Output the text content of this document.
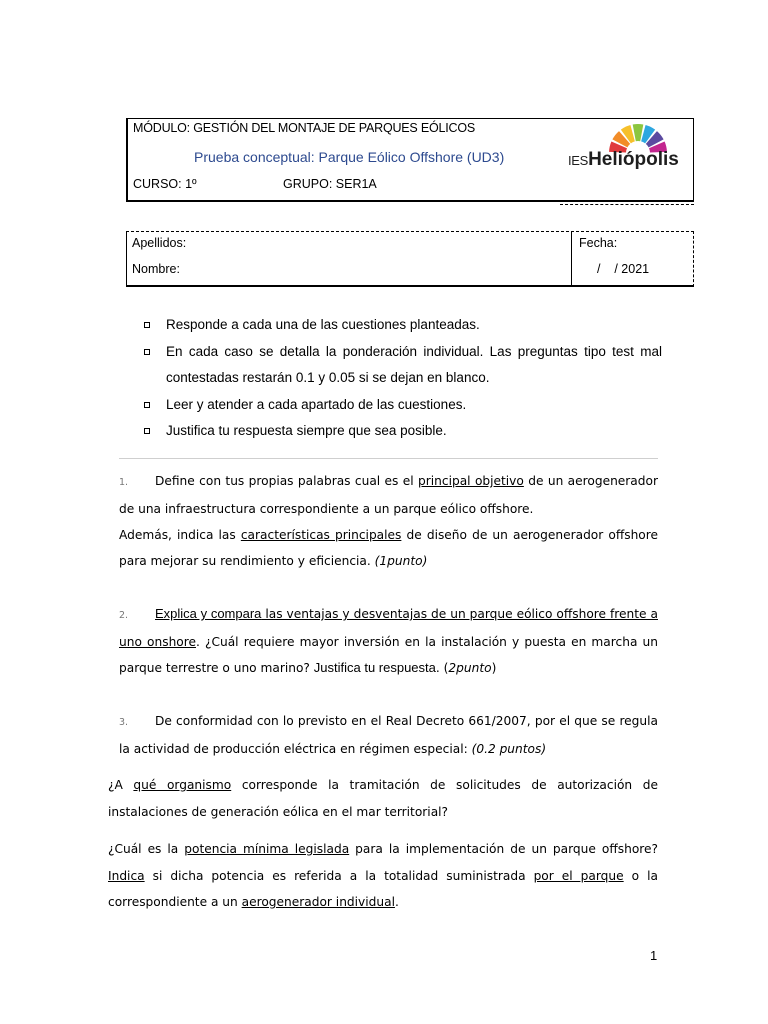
MÓDULO: GESTIÓN DEL MONTAJE DE PARQUES EÓLICOS
Prueba conceptual: Parque Eólico Offshore (UD3)
CURSO: 1º	GRUPO: SER1A
IESHeliópolis
Apellidos:
Nombre:
Fecha:
/    / 2021
Responde a cada una de las cuestiones planteadas.
En cada caso se detalla la ponderación individual. Las preguntas tipo test mal contestadas restarán 0.1 y 0.05 si se dejan en blanco.
Leer y atender a cada apartado de las cuestiones.
Justifica tu respuesta siempre que sea posible.
1. Define con tus propias palabras cual es el principal objetivo de un aerogenerador de una infraestructura correspondiente a un parque eólico offshore.
Además, indica las características principales de diseño de un aerogenerador offshore para mejorar su rendimiento y eficiencia. (1punto)
2. Explica y compara las ventajas y desventajas de un parque eólico offshore frente a uno onshore. ¿Cuál requiere mayor inversión en la instalación y puesta en marcha un parque terrestre o uno marino? Justifica tu respuesta. (2punto)
3. De conformidad con lo previsto en el Real Decreto 661/2007, por el que se regula la actividad de producción eléctrica en régimen especial: (0.2 puntos)
¿A qué organismo corresponde la tramitación de solicitudes de autorización de instalaciones de generación eólica en el mar territorial?
¿Cuál es la potencia mínima legislada para la implementación de un parque offshore? Indica si dicha potencia es referida a la totalidad suministrada por el parque o la correspondiente a un aerogenerador individual.
1
